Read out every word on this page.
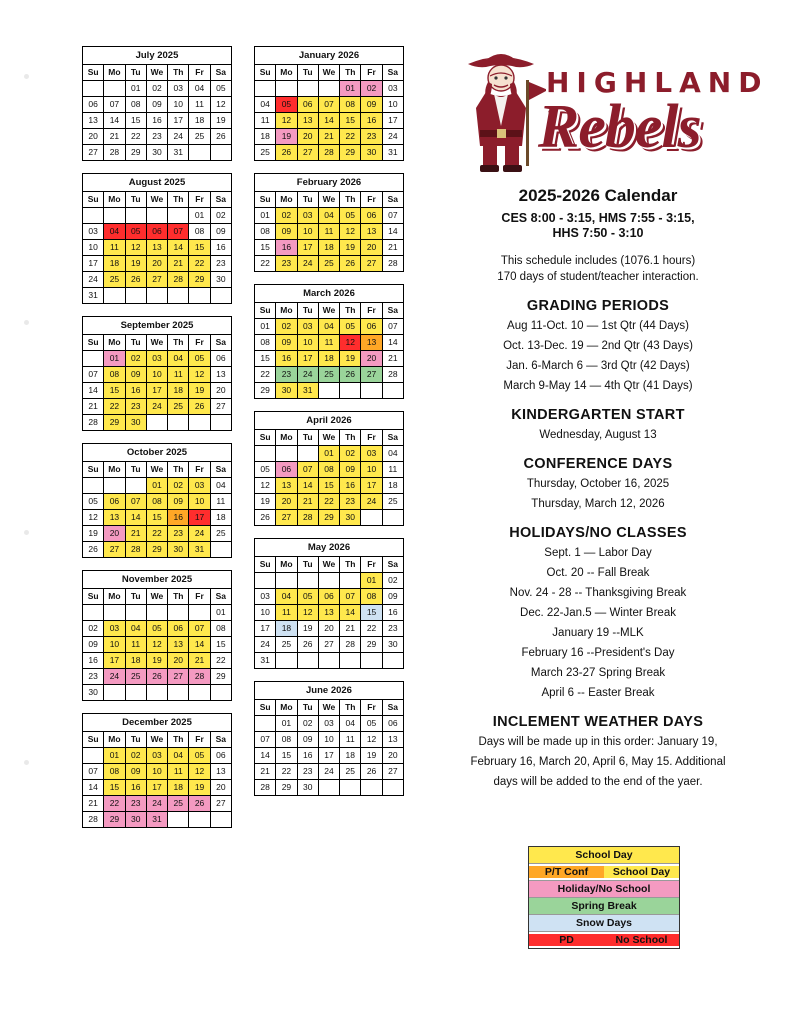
July 2025
Su	Mo	Tu	We	Th	Fr	Sa
		01	02	03	04	05
06	07	08	09	10	11	12
13	14	15	16	17	18	19
20	21	22	23	24	25	26
27	28	29	30	31		
August 2025
Su	Mo	Tu	We	Th	Fr	Sa
					01	02
03	04	05	06	07	08	09
10	11	12	13	14	15	16
17	18	19	20	21	22	23
24	25	26	27	28	29	30
31						
September 2025
Su	Mo	Tu	We	Th	Fr	Sa
	01	02	03	04	05	06
07	08	09	10	11	12	13
14	15	16	17	18	19	20
21	22	23	24	25	26	27
28	29	30				
October 2025
Su	Mo	Tu	We	Th	Fr	Sa
			01	02	03	04
05	06	07	08	09	10	11
12	13	14	15	16	17	18
19	20	21	22	23	24	25
26	27	28	29	30	31	
November 2025
Su	Mo	Tu	We	Th	Fr	Sa
						01
02	03	04	05	06	07	08
09	10	11	12	13	14	15
16	17	18	19	20	21	22
23	24	25	26	27	28	29
30						
December 2025
Su	Mo	Tu	We	Th	Fr	Sa
	01	02	03	04	05	06
07	08	09	10	11	12	13
14	15	16	17	18	19	20
21	22	23	24	25	26	27
28	29	30	31			
January 2026
Su	Mo	Tu	We	Th	Fr	Sa
				01	02	03
04	05	06	07	08	09	10
11	12	13	14	15	16	17
18	19	20	21	22	23	24
25	26	27	28	29	30	31
February 2026
Su	Mo	Tu	We	Th	Fr	Sa
01	02	03	04	05	06	07
08	09	10	11	12	13	14
15	16	17	18	19	20	21
22	23	24	25	26	27	28
March 2026
Su	Mo	Tu	We	Th	Fr	Sa
01	02	03	04	05	06	07
08	09	10	11	12	13	14
15	16	17	18	19	20	21
22	23	24	25	26	27	28
29	30	31				
April 2026
Su	Mo	Tu	We	Th	Fr	Sa
			01	02	03	04
05	06	07	08	09	10	11
12	13	14	15	16	17	18
19	20	21	22	23	24	25
26	27	28	29	30		
May 2026
Su	Mo	Tu	We	Th	Fr	Sa
					01	02
03	04	05	06	07	08	09
10	11	12	13	14	15	16
17	18	19	20	21	22	23
24	25	26	27	28	29	30
31						
June 2026
Su	Mo	Tu	We	Th	Fr	Sa
	01	02	03	04	05	06
07	08	09	10	11	12	13
14	15	16	17	18	19	20
21	22	23	24	25	26	27
28	29	30				
HIGHLAND
Rebels
2025-2026 Calendar
CES 8:00 - 3:15, HMS 7:55 - 3:15,
HHS 7:50 - 3:10
This schedule includes (1076.1 hours)
170 days of student/teacher interaction.
GRADING PERIODS
Aug 11-Oct. 10 — 1st Qtr (44 Days)
Oct. 13-Dec. 19 — 2nd Qtr (43 Days)
Jan. 6-March 6 — 3rd Qtr (42 Days)
March 9-May 14 — 4th Qtr (41 Days)
KINDERGARTEN START
Wednesday, August 13
CONFERENCE DAYS
Thursday, October 16, 2025
Thursday, March 12, 2026
HOLIDAYS/NO CLASSES
Sept. 1 — Labor Day
Oct. 20 -- Fall Break
Nov. 24 - 28 -- Thanksgiving Break
Dec. 22-Jan.5 — Winter Break
January 19 --MLK
February 16 --President's Day
March 23-27 Spring Break
April 6 -- Easter Break
INCLEMENT WEATHER DAYS
Days will be made up in this order: January 19,
February 16, March 20, April 6, May 15. Additional
days will be added to the end of the yaer.
School Day
P/T Conf	School Day
Holiday/No School
Spring Break
Snow Days
PD	No School
